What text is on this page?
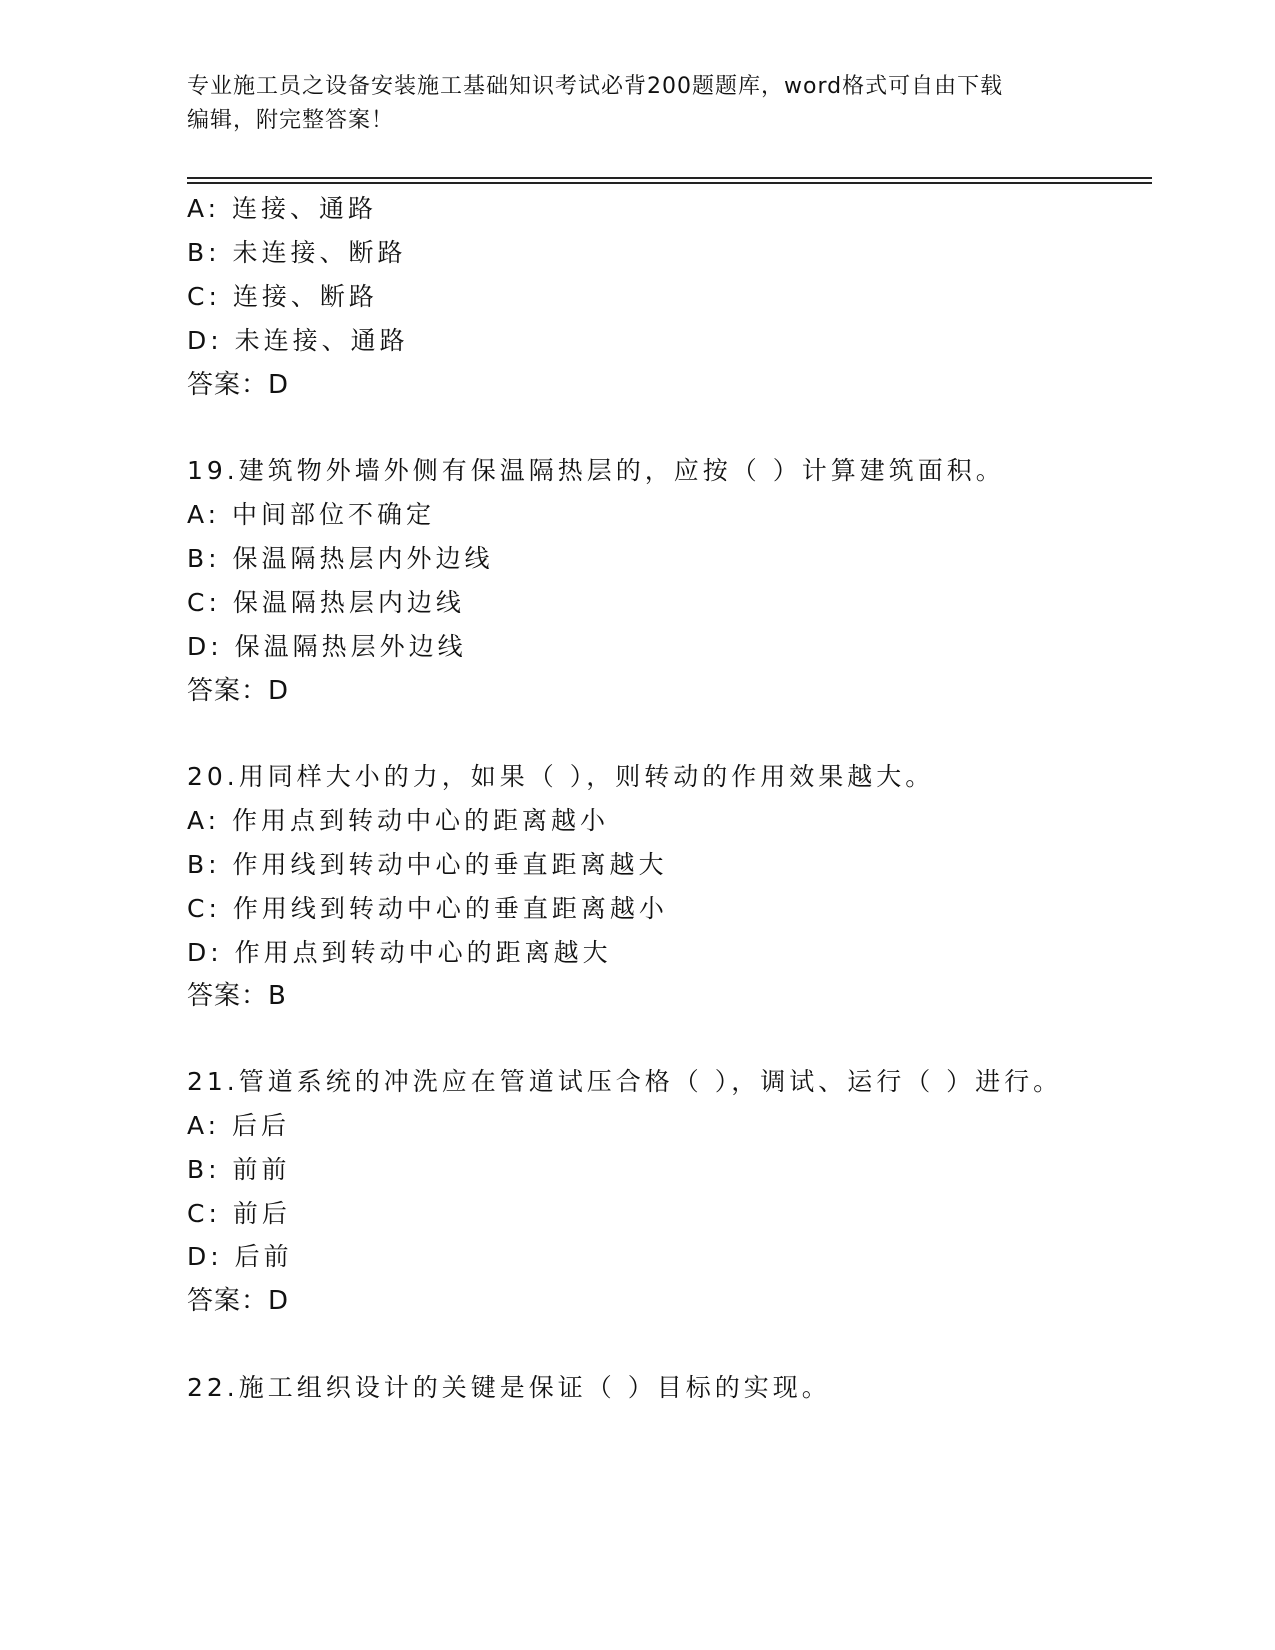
专业施工员之设备安装施工基础知识考试必背200题题库，word格式可自由下载

编辑，附完整答案！

A: 连接、通路
B: 未连接、断路
C: 连接、断路
D: 未连接、通路
答案：D
19.建筑物外墙外侧有保温隔热层的，应按（ ）计算建筑面积。
A: 中间部位不确定
B: 保温隔热层内外边线
C: 保温隔热层内边线
D: 保温隔热层外边线
答案：D
20.用同样大小的力，如果（ ），则转动的作用效果越大。
A: 作用点到转动中心的距离越小
B: 作用线到转动中心的垂直距离越大
C: 作用线到转动中心的垂直距离越小
D: 作用点到转动中心的距离越大
答案：B
21.管道系统的冲洗应在管道试压合格（ ），调试、运行（ ）进行。
A: 后后
B: 前前
C: 前后
D: 后前
答案：D
22.施工组织设计的关键是保证（ ）目标的实现。
